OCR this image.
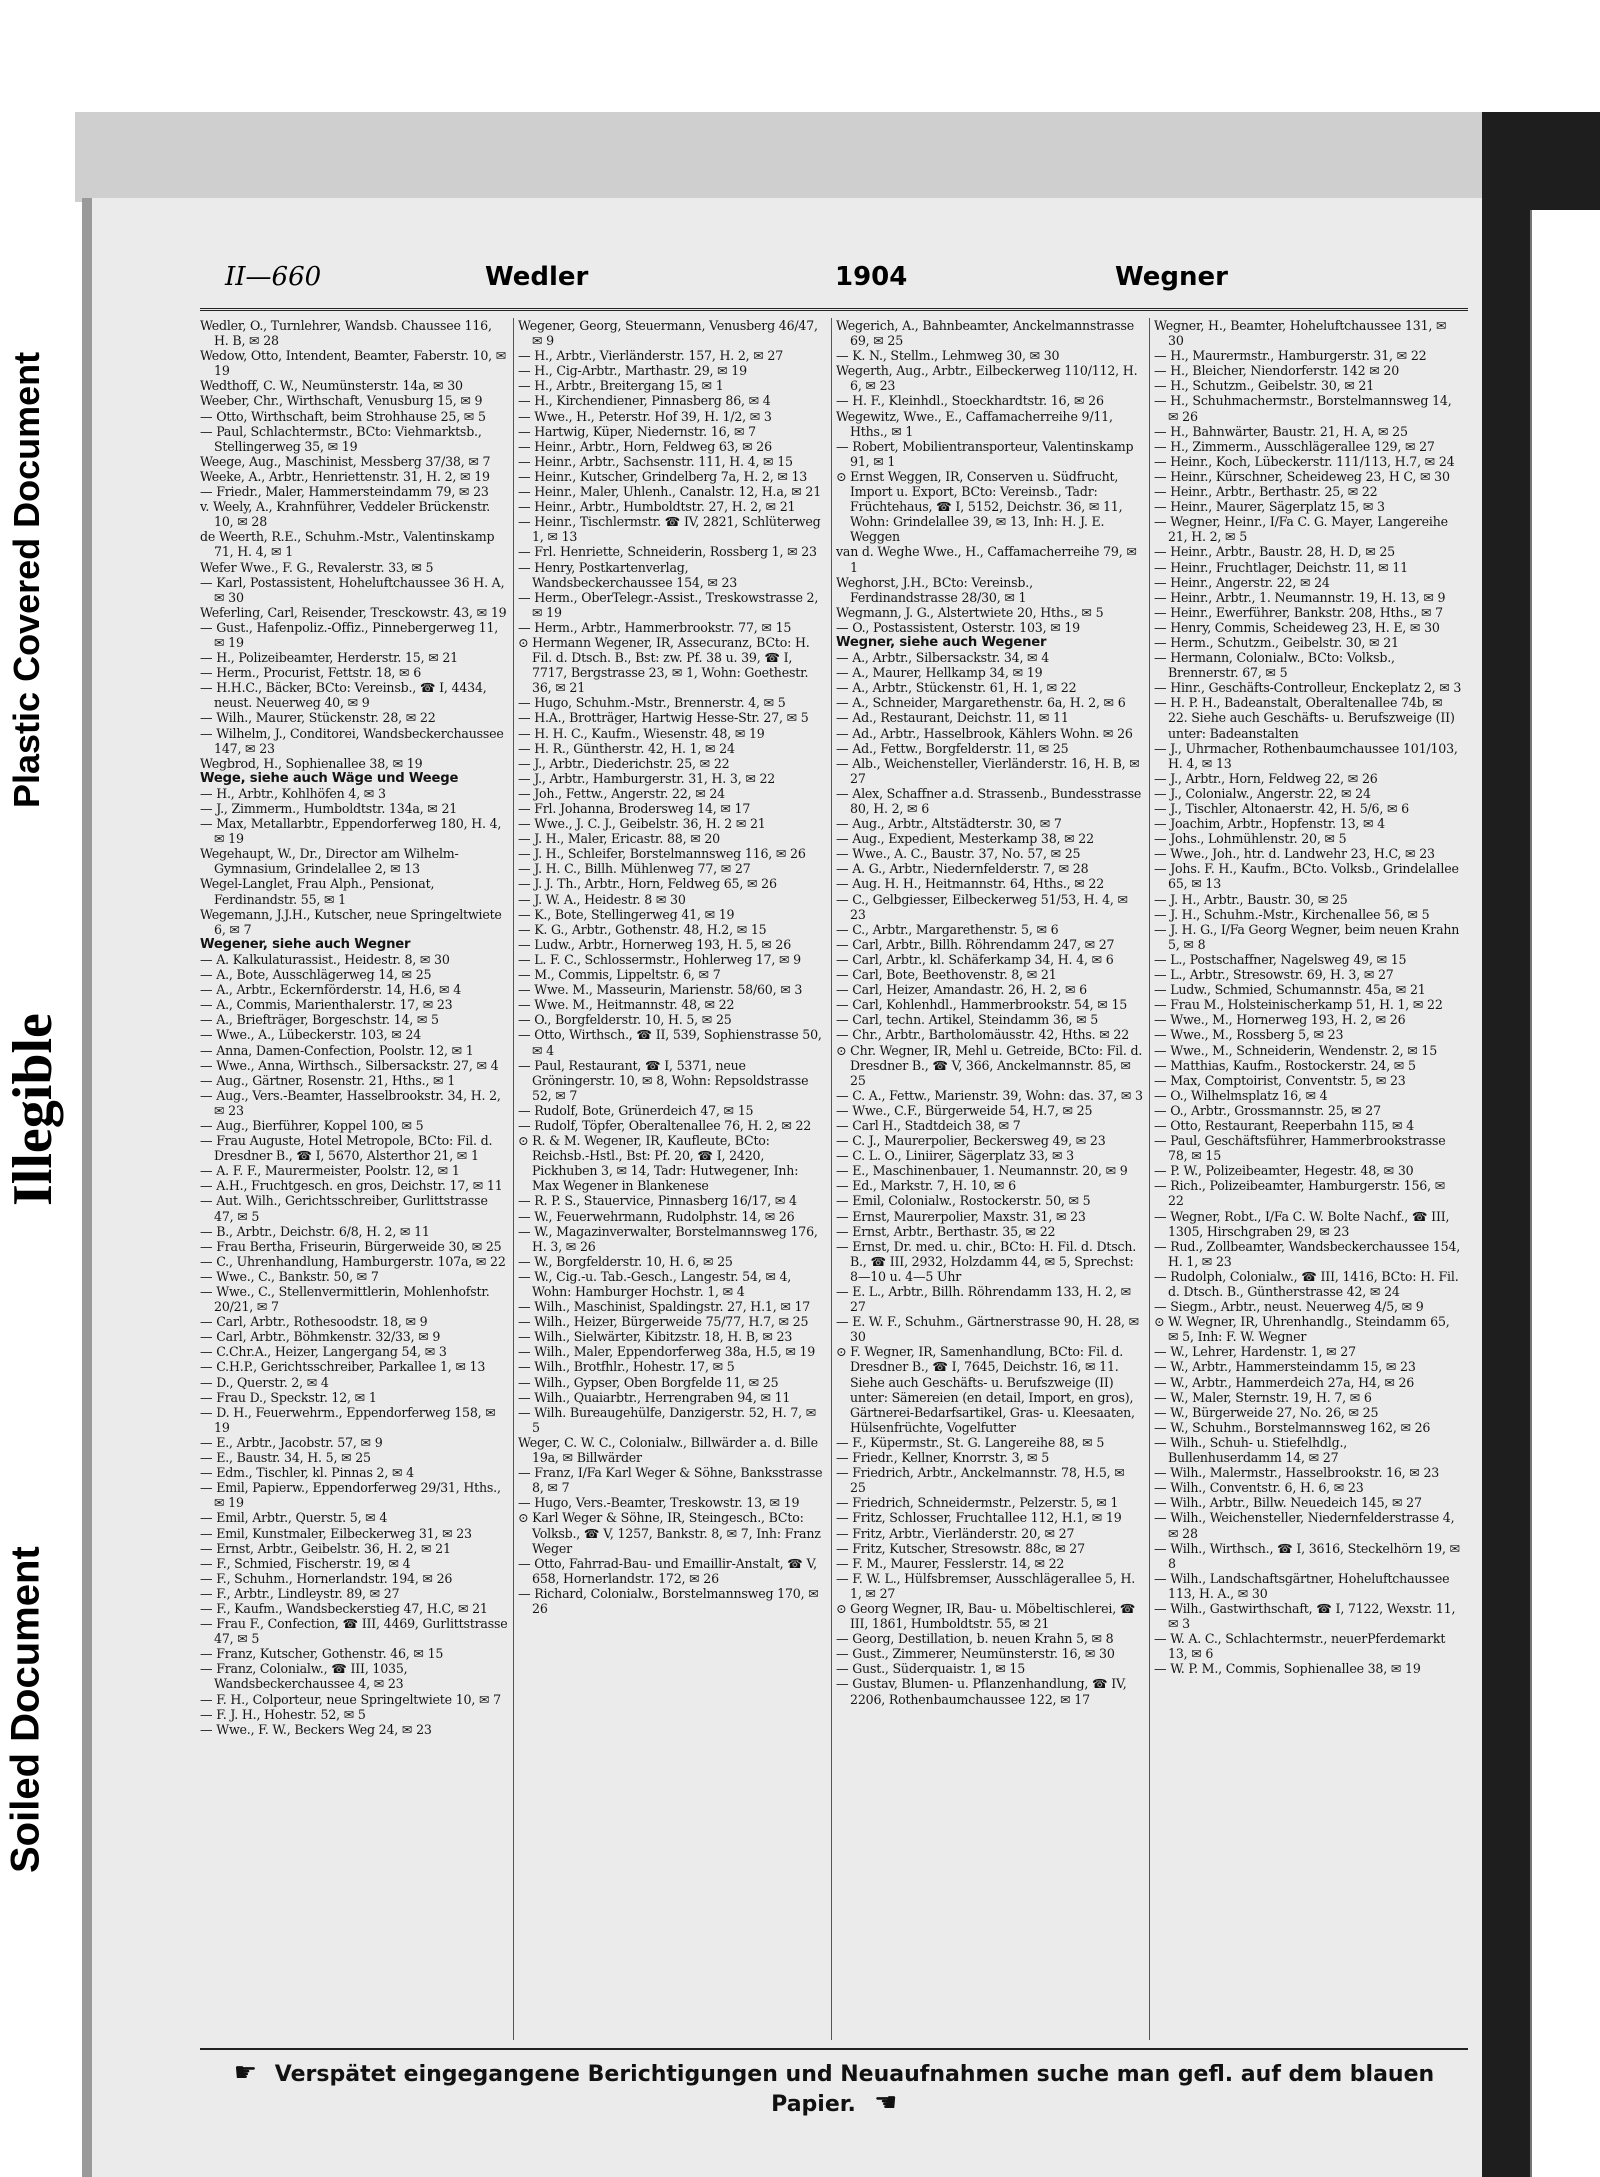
Plastic Covered Document
Illegible
Soiled Document
II—660	Wedler	1904	Wegner
Wedler, O., Turnlehrer, Wandsb. Chaussee 116, H. B, ✉ 28
Wedow, Otto, Intendent, Beamter, Faberstr. 10, ✉ 19
Wedthoff, C. W., Neumünsterstr. 14a, ✉ 30
Weeber, Chr., Wirthschaft, Venusburg 15, ✉ 9
— Otto, Wirthschaft, beim Strohhause 25, ✉ 5
— Paul, Schlachtermstr., BCto: Viehmarktsb., Stellingerweg 35, ✉ 19
Weege, Aug., Maschinist, Messberg 37/38, ✉ 7
Weeke, A., Arbtr., Henriettenstr. 31, H. 2, ✉ 19
— Friedr., Maler, Hammersteindamm 79, ✉ 23
v. Weely, A., Krahnführer, Veddeler Brückenstr. 10, ✉ 28
de Weerth, R.E., Schuhm.-Mstr., Valentinskamp 71, H. 4, ✉ 1
Wefer Wwe., F. G., Revalerstr. 33, ✉ 5
— Karl, Postassistent, Hoheluftchaussee 36 H. A, ✉ 30
Weferling, Carl, Reisender, Tresckowstr. 43, ✉ 19
— Gust., Hafenpoliz.-Offiz., Pinnebergerweg 11, ✉ 19
— H., Polizeibeamter, Herderstr. 15, ✉ 21
— Herm., Procurist, Fettstr. 18, ✉ 6
— H.H.C., Bäcker, BCto: Vereinsb., ☎ I, 4434, neust. Neuerweg 40, ✉ 9
— Wilh., Maurer, Stückenstr. 28, ✉ 22
— Wilhelm, J., Conditorei, Wandsbeckerchaussee 147, ✉ 23
Wegbrod, H., Sophienallee 38, ✉ 19
Wege, siehe auch Wäge und Weege
— H., Arbtr., Kohlhöfen 4, ✉ 3
— J., Zimmerm., Humboldtstr. 134a, ✉ 21
— Max, Metallarbtr., Eppendorferweg 180, H. 4, ✉ 19
Wegehaupt, W., Dr., Director am Wilhelm-Gymnasium, Grindelallee 2, ✉ 13
Wegel-Langlet, Frau Alph., Pensionat, Ferdinandstr. 55, ✉ 1
Wegemann, J.J.H., Kutscher, neue Springeltwiete 6, ✉ 7
Wegener, siehe auch Wegner
— A. Kalkulaturassist., Heidestr. 8, ✉ 30
— A., Bote, Ausschlägerweg 14, ✉ 25
— A., Arbtr., Eckernförderstr. 14, H.6, ✉ 4
— A., Commis, Marienthalerstr. 17, ✉ 23
— A., Briefträger, Borgeschstr. 14, ✉ 5
— Wwe., A., Lübeckerstr. 103, ✉ 24
— Anna, Damen-Confection, Poolstr. 12, ✉ 1
— Wwe., Anna, Wirthsch., Silbersackstr. 27, ✉ 4
— Aug., Gärtner, Rosenstr. 21, Hths., ✉ 1
— Aug., Vers.-Beamter, Hasselbrookstr. 34, H. 2, ✉ 23
— Aug., Bierführer, Koppel 100, ✉ 5
— Frau Auguste, Hotel Metropole, BCto: Fil. d. Dresdner B., ☎ I, 5670, Alsterthor 21, ✉ 1
— A. F. F., Maurermeister, Poolstr. 12, ✉ 1
— A.H., Fruchtgesch. en gros, Deichstr. 17, ✉ 11
— Aut. Wilh., Gerichtsschreiber, Gurlittstrasse 47, ✉ 5
— B., Arbtr., Deichstr. 6/8, H. 2, ✉ 11
— Frau Bertha, Friseurin, Bürgerweide 30, ✉ 25
— C., Uhrenhandlung, Hamburgerstr. 107a, ✉ 22
— Wwe., C., Bankstr. 50, ✉ 7
— Wwe., C., Stellenvermittlerin, Mohlenhofstr. 20/21, ✉ 7
— Carl, Arbtr., Rothesoodstr. 18, ✉ 9
— Carl, Arbtr., Böhmkenstr. 32/33, ✉ 9
— C.Chr.A., Heizer, Langergang 54, ✉ 3
— C.H.P., Gerichtsschreiber, Parkallee 1, ✉ 13
— D., Querstr. 2, ✉ 4
— Frau D., Speckstr. 12, ✉ 1
— D. H., Feuerwehrm., Eppendorferweg 158, ✉ 19
— E., Arbtr., Jacobstr. 57, ✉ 9
— E., Baustr. 34, H. 5, ✉ 25
— Edm., Tischler, kl. Pinnas 2, ✉ 4
— Emil, Papierw., Eppendorferweg 29/31, Hths., ✉ 19
— Emil, Arbtr., Querstr. 5, ✉ 4
— Emil, Kunstmaler, Eilbeckerweg 31, ✉ 23
— Ernst, Arbtr., Geibelstr. 36, H. 2, ✉ 21
— F., Schmied, Fischerstr. 19, ✉ 4
— F., Schuhm., Hornerlandstr. 194, ✉ 26
— F., Arbtr., Lindleystr. 89, ✉ 27
— F., Kaufm., Wandsbeckerstieg 47, H.C, ✉ 21
— Frau F., Confection, ☎ III, 4469, Gurlittstrasse 47, ✉ 5
— Franz, Kutscher, Gothenstr. 46, ✉ 15
— Franz, Colonialw., ☎ III, 1035, Wandsbeckerchaussee 4, ✉ 23
— F. H., Colporteur, neue Springeltwiete 10, ✉ 7
— F. J. H., Hohestr. 52, ✉ 5
— Wwe., F. W., Beckers Weg 24, ✉ 23
Wegener, Georg, Steuermann, Venusberg 46/47, ✉ 9
— H., Arbtr., Vierländerstr. 157, H. 2, ✉ 27
— H., Cig-Arbtr., Marthastr. 29, ✉ 19
— H., Arbtr., Breitergang 15, ✉ 1
— H., Kirchendiener, Pinnasberg 86, ✉ 4
— Wwe., H., Peterstr. Hof 39, H. 1/2, ✉ 3
— Hartwig, Küper, Niedernstr. 16, ✉ 7
— Heinr., Arbtr., Horn, Feldweg 63, ✉ 26
— Heinr., Arbtr., Sachsenstr. 111, H. 4, ✉ 15
— Heinr., Kutscher, Grindelberg 7a, H. 2, ✉ 13
— Heinr., Maler, Uhlenh., Canalstr. 12, H.a, ✉ 21
— Heinr., Arbtr., Humboldtstr. 27, H. 2, ✉ 21
— Heinr., Tischlermstr. ☎ IV, 2821, Schlüterweg 1, ✉ 13
— Frl. Henriette, Schneiderin, Rossberg 1, ✉ 23
— Henry, Postkartenverlag, Wandsbeckerchaussee 154, ✉ 23
— Herm., OberTelegr.-Assist., Treskowstrasse 2, ✉ 19
— Herm., Arbtr., Hammerbrookstr. 77, ✉ 15
⊙ Hermann Wegener, IR, Assecuranz, BCto: H. Fil. d. Dtsch. B., Bst: zw. Pf. 38 u. 39, ☎ I, 7717, Bergstrasse 23, ✉ 1, Wohn: Goethestr. 36, ✉ 21
— Hugo, Schuhm.-Mstr., Brennerstr. 4, ✉ 5
— H.A., Brotträger, Hartwig Hesse-Str. 27, ✉ 5
— H. H. C., Kaufm., Wiesenstr. 48, ✉ 19
— H. R., Güntherstr. 42, H. 1, ✉ 24
— J., Arbtr., Diederichstr. 25, ✉ 22
— J., Arbtr., Hamburgerstr. 31, H. 3, ✉ 22
— Joh., Fettw., Angerstr. 22, ✉ 24
— Frl. Johanna, Brodersweg 14, ✉ 17
— Wwe., J. C. J., Geibelstr. 36, H. 2 ✉ 21
— J. H., Maler, Ericastr. 88, ✉ 20
— J. H., Schleifer, Borstelmannsweg 116, ✉ 26
— J. H. C., Billh. Mühlenweg 77, ✉ 27
— J. J. Th., Arbtr., Horn, Feldweg 65, ✉ 26
— J. W. A., Heidestr. 8 ✉ 30
— K., Bote, Stellingerweg 41, ✉ 19
— K. G., Arbtr., Gothenstr. 48, H.2, ✉ 15
— Ludw., Arbtr., Hornerweg 193, H. 5, ✉ 26
— L. F. C., Schlossermstr., Hohlerweg 17, ✉ 9
— M., Commis, Lippeltstr. 6, ✉ 7
— Wwe. M., Masseurin, Marienstr. 58/60, ✉ 3
— Wwe. M., Heitmannstr. 48, ✉ 22
— O., Borgfelderstr. 10, H. 5, ✉ 25
— Otto, Wirthsch., ☎ II, 539, Sophienstrasse 50, ✉ 4
— Paul, Restaurant, ☎ I, 5371, neue Gröningerstr. 10, ✉ 8, Wohn: Repsoldstrasse 52, ✉ 7
— Rudolf, Bote, Grünerdeich 47, ✉ 15
— Rudolf, Töpfer, Oberaltenallee 76, H. 2, ✉ 22
⊙ R. & M. Wegener, IR, Kaufleute, BCto: Reichsb.-Hstl., Bst: Pf. 20, ☎ I, 2420, Pickhuben 3, ✉ 14, Tadr: Hutwegener, Inh: Max Wegener in Blankenese
— R. P. S., Stauervice, Pinnasberg 16/17, ✉ 4
— W., Feuerwehrmann, Rudolphstr. 14, ✉ 26
— W., Magazinverwalter, Borstelmannsweg 176, H. 3, ✉ 26
— W., Borgfelderstr. 10, H. 6, ✉ 25
— W., Cig.-u. Tab.-Gesch., Langestr. 54, ✉ 4, Wohn: Hamburger Hochstr. 1, ✉ 4
— Wilh., Maschinist, Spaldingstr. 27, H.1, ✉ 17
— Wilh., Heizer, Bürgerweide 75/77, H.7, ✉ 25
— Wilh., Sielwärter, Kibitzstr. 18, H. B, ✉ 23
— Wilh., Maler, Eppendorferweg 38a, H.5, ✉ 19
— Wilh., Brotfhlr., Hohestr. 17, ✉ 5
— Wilh., Gypser, Oben Borgfelde 11, ✉ 25
— Wilh., Quaiarbtr., Herrengraben 94, ✉ 11
— Wilh. Bureaugehülfe, Danzigerstr. 52, H. 7, ✉ 5
Weger, C. W. C., Colonialw., Billwärder a. d. Bille 19a, ✉ Billwärder
— Franz, I/Fa Karl Weger & Söhne, Banksstrasse 8, ✉ 7
— Hugo, Vers.-Beamter, Treskowstr. 13, ✉ 19
⊙ Karl Weger & Söhne, IR, Steingesch., BCto: Volksb., ☎ V, 1257, Bankstr. 8, ✉ 7, Inh: Franz Weger
— Otto, Fahrrad-Bau- und Emaillir-Anstalt, ☎ V, 658, Hornerlandstr. 172, ✉ 26
— Richard, Colonialw., Borstelmannsweg 170, ✉ 26
Wegerich, A., Bahnbeamter, Anckelmannstrasse 69, ✉ 25
— K. N., Stellm., Lehmweg 30, ✉ 30
Wegerth, Aug., Arbtr., Eilbeckerweg 110/112, H. 6, ✉ 23
— H. F., Kleinhdl., Stoeckhardtstr. 16, ✉ 26
Wegewitz, Wwe., E., Caffamacherreihe 9/11, Hths., ✉ 1
— Robert, Mobilientransporteur, Valentinskamp 91, ✉ 1
⊙ Ernst Weggen, IR, Conserven u. Südfrucht, Import u. Export, BCto: Vereinsb., Tadr: Früchtehaus, ☎ I, 5152, Deichstr. 36, ✉ 11, Wohn: Grindelallee 39, ✉ 13, Inh: H. J. E. Weggen
van d. Weghe Wwe., H., Caffamacherreihe 79, ✉ 1
Weghorst, J.H., BCto: Vereinsb., Ferdinandstrasse 28/30, ✉ 1
Wegmann, J. G., Alstertwiete 20, Hths., ✉ 5
— O., Postassistent, Osterstr. 103, ✉ 19
Wegner, siehe auch Wegener
— A., Arbtr., Silbersackstr. 34, ✉ 4
— A., Maurer, Hellkamp 34, ✉ 19
— A., Arbtr., Stückenstr. 61, H. 1, ✉ 22
— A., Schneider, Margarethenstr. 6a, H. 2, ✉ 6
— Ad., Restaurant, Deichstr. 11, ✉ 11
— Ad., Arbtr., Hasselbrook, Kählers Wohn. ✉ 26
— Ad., Fettw., Borgfelderstr. 11, ✉ 25
— Alb., Weichensteller, Vierländerstr. 16, H. B, ✉ 27
— Alex, Schaffner a.d. Strassenb., Bundesstrasse 80, H. 2, ✉ 6
— Aug., Arbtr., Altstädterstr. 30, ✉ 7
— Aug., Expedient, Mesterkamp 38, ✉ 22
— Wwe., A. C., Baustr. 37, No. 57, ✉ 25
— A. G., Arbtr., Niedernfelderstr. 7, ✉ 28
— Aug. H. H., Heitmannstr. 64, Hths., ✉ 22
— C., Gelbgiesser, Eilbeckerweg 51/53, H. 4, ✉ 23
— C., Arbtr., Margarethenstr. 5, ✉ 6
— Carl, Arbtr., Billh. Röhrendamm 247, ✉ 27
— Carl, Arbtr., kl. Schäferkamp 34, H. 4, ✉ 6
— Carl, Bote, Beethovenstr. 8, ✉ 21
— Carl, Heizer, Amandastr. 26, H. 2, ✉ 6
— Carl, Kohlenhdl., Hammerbrookstr. 54, ✉ 15
— Carl, techn. Artikel, Steindamm 36, ✉ 5
— Chr., Arbtr., Bartholomäusstr. 42, Hths. ✉ 22
⊙ Chr. Wegner, IR, Mehl u. Getreide, BCto: Fil. d. Dresdner B., ☎ V, 366, Anckelmannstr. 85, ✉ 25
— C. A., Fettw., Marienstr. 39, Wohn: das. 37, ✉ 3
— Wwe., C.F., Bürgerweide 54, H.7, ✉ 25
— Carl H., Stadtdeich 38, ✉ 7
— C. J., Maurerpolier, Beckersweg 49, ✉ 23
— C. L. O., Liniirer, Sägerplatz 33, ✉ 3
— E., Maschinenbauer, 1. Neumannstr. 20, ✉ 9
— Ed., Markstr. 7, H. 10, ✉ 6
— Emil, Colonialw., Rostockerstr. 50, ✉ 5
— Ernst, Maurerpolier, Maxstr. 31, ✉ 23
— Ernst, Arbtr., Berthastr. 35, ✉ 22
— Ernst, Dr. med. u. chir., BCto: H. Fil. d. Dtsch. B., ☎ III, 2932, Holzdamm 44, ✉ 5, Sprechst: 8—10 u. 4—5 Uhr
— E. L., Arbtr., Billh. Röhrendamm 133, H. 2, ✉ 27
— E. W. F., Schuhm., Gärtnerstrasse 90, H. 28, ✉ 30
⊙ F. Wegner, IR, Samenhandlung, BCto: Fil. d. Dresdner B., ☎ I, 7645, Deichstr. 16, ✉ 11. Siehe auch Geschäfts- u. Berufszweige (II) unter: Sämereien (en detail, Import, en gros), Gärtnerei-Bedarfsartikel, Gras- u. Kleesaaten, Hülsenfrüchte, Vogelfutter
— F., Küpermstr., St. G. Langereihe 88, ✉ 5
— Friedr., Kellner, Knorrstr. 3, ✉ 5
— Friedrich, Arbtr., Anckelmannstr. 78, H.5, ✉ 25
— Friedrich, Schneidermstr., Pelzerstr. 5, ✉ 1
— Fritz, Schlosser, Fruchtallee 112, H.1, ✉ 19
— Fritz, Arbtr., Vierländerstr. 20, ✉ 27
— Fritz, Kutscher, Stresowstr. 88c, ✉ 27
— F. M., Maurer, Fesslerstr. 14, ✉ 22
— F. W. L., Hülfsbremser, Ausschlägerallee 5, H. 1, ✉ 27
⊙ Georg Wegner, IR, Bau- u. Möbeltischlerei, ☎ III, 1861, Humboldtstr. 55, ✉ 21
— Georg, Destillation, b. neuen Krahn 5, ✉ 8
— Gust., Zimmerer, Neumünsterstr. 16, ✉ 30
— Gust., Süderquaistr. 1, ✉ 15
— Gustav, Blumen- u. Pflanzenhandlung, ☎ IV, 2206, Rothenbaumchaussee 122, ✉ 17
Wegner, H., Beamter, Hoheluftchaussee 131, ✉ 30
— H., Maurermstr., Hamburgerstr. 31, ✉ 22
— H., Bleicher, Niendorferstr. 142 ✉ 20
— H., Schutzm., Geibelstr. 30, ✉ 21
— H., Schuhmachermstr., Borstelmannsweg 14, ✉ 26
— H., Bahnwärter, Baustr. 21, H. A, ✉ 25
— H., Zimmerm., Ausschlägerallee 129, ✉ 27
— Heinr., Koch, Lübeckerstr. 111/113, H.7, ✉ 24
— Heinr., Kürschner, Scheideweg 23, H C, ✉ 30
— Heinr., Arbtr., Berthastr. 25, ✉ 22
— Heinr., Maurer, Sägerplatz 15, ✉ 3
— Wegner, Heinr., I/Fa C. G. Mayer, Langereihe 21, H. 2, ✉ 5
— Heinr., Arbtr., Baustr. 28, H. D, ✉ 25
— Heinr., Fruchtlager, Deichstr. 11, ✉ 11
— Heinr., Angerstr. 22, ✉ 24
— Heinr., Arbtr., 1. Neumannstr. 19, H. 13, ✉ 9
— Heinr., Ewerführer, Bankstr. 208, Hths., ✉ 7
— Henry, Commis, Scheideweg 23, H. E, ✉ 30
— Herm., Schutzm., Geibelstr. 30, ✉ 21
— Hermann, Colonialw., BCto: Volksb., Brennerstr. 67, ✉ 5
— Hinr., Geschäfts-Controlleur, Enckeplatz 2, ✉ 3
— H. P. H., Badeanstalt, Oberaltenallee 74b, ✉ 22. Siehe auch Geschäfts- u. Berufszweige (II) unter: Badeanstalten
— J., Uhrmacher, Rothenbaumchaussee 101/103, H. 4, ✉ 13
— J., Arbtr., Horn, Feldweg 22, ✉ 26
— J., Colonialw., Angerstr. 22, ✉ 24
— J., Tischler, Altonaerstr. 42, H. 5/6, ✉ 6
— Joachim, Arbtr., Hopfenstr. 13, ✉ 4
— Johs., Lohmühlenstr. 20, ✉ 5
— Wwe., Joh., htr. d. Landwehr 23, H.C, ✉ 23
— Johs. F. H., Kaufm., BCto. Volksb., Grindelallee 65, ✉ 13
— J. H., Arbtr., Baustr. 30, ✉ 25
— J. H., Schuhm.-Mstr., Kirchenallee 56, ✉ 5
— J. H. G., I/Fa Georg Wegner, beim neuen Krahn 5, ✉ 8
— L., Postschaffner, Nagelsweg 49, ✉ 15
— L., Arbtr., Stresowstr. 69, H. 3, ✉ 27
— Ludw., Schmied, Schumannstr. 45a, ✉ 21
— Frau M., Holsteinischerkamp 51, H. 1, ✉ 22
— Wwe., M., Hornerweg 193, H. 2, ✉ 26
— Wwe., M., Rossberg 5, ✉ 23
— Wwe., M., Schneiderin, Wendenstr. 2, ✉ 15
— Matthias, Kaufm., Rostockerstr. 24, ✉ 5
— Max, Comptoirist, Conventstr. 5, ✉ 23
— O., Wilhelmsplatz 16, ✉ 4
— O., Arbtr., Grossmannstr. 25, ✉ 27
— Otto, Restaurant, Reeperbahn 115, ✉ 4
— Paul, Geschäftsführer, Hammerbrookstrasse 78, ✉ 15
— P. W., Polizeibeamter, Hegestr. 48, ✉ 30
— Rich., Polizeibeamter, Hamburgerstr. 156, ✉ 22
— Wegner, Robt., I/Fa C. W. Bolte Nachf., ☎ III, 1305, Hirschgraben 29, ✉ 23
— Rud., Zollbeamter, Wandsbeckerchaussee 154, H. 1, ✉ 23
— Rudolph, Colonialw., ☎ III, 1416, BCto: H. Fil. d. Dtsch. B., Güntherstrasse 42, ✉ 24
— Siegm., Arbtr., neust. Neuerweg 4/5, ✉ 9
⊙ W. Wegner, IR, Uhrenhandlg., Steindamm 65, ✉ 5, Inh: F. W. Wegner
— W., Lehrer, Hardenstr. 1, ✉ 27
— W., Arbtr., Hammersteindamm 15, ✉ 23
— W., Arbtr., Hammerdeich 27a, H4, ✉ 26
— W., Maler, Sternstr. 19, H. 7, ✉ 6
— W., Bürgerweide 27, No. 26, ✉ 25
— W., Schuhm., Borstelmannsweg 162, ✉ 26
— Wilh., Schuh- u. Stiefelhdlg., Bullenhuserdamm 14, ✉ 27
— Wilh., Malermstr., Hasselbrookstr. 16, ✉ 23
— Wilh., Conventstr. 6, H. 6, ✉ 23
— Wilh., Arbtr., Billw. Neuedeich 145, ✉ 27
— Wilh., Weichensteller, Niedernfelderstrasse 4, ✉ 28
— Wilh., Wirthsch., ☎ I, 3616, Steckelhörn 19, ✉ 8
— Wilh., Landschaftsgärtner, Hoheluftchaussee 113, H. A., ✉ 30
— Wilh., Gastwirthschaft, ☎ I, 7122, Wexstr. 11, ✉ 3
— W. A. C., Schlachtermstr., neuerPferdemarkt 13, ✉ 6
— W. P. M., Commis, Sophienallee 38, ✉ 19
☛ Verspätet eingegangene Berichtigungen und Neuaufnahmen suche man gefl. auf dem blauen Papier. ☛
